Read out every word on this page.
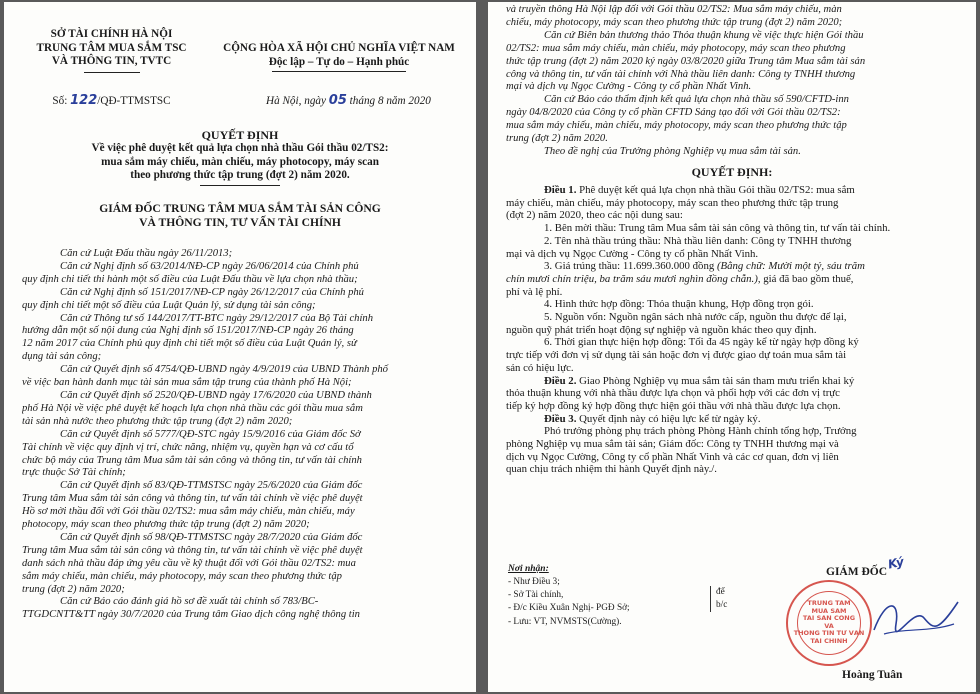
SỞ TÀI CHÍNH HÀ NỘI
TRUNG TÂM MUA SẮM TSC
VÀ THÔNG TIN, TVTC
Số: 122/QĐ-TTMSTSC
CỘNG HÒA XÃ HỘI CHỦ NGHĨA VIỆT NAM
Độc lập – Tự do – Hạnh phúc
Hà Nội, ngày 05 tháng 8 năm 2020
QUYẾT ĐỊNH
Về việc phê duyệt kết quả lựa chọn nhà thầu Gói thầu 02/TS2:
mua sắm máy chiếu, màn chiếu, máy photocopy, máy scan
theo phương thức tập trung (đợt 2) năm 2020.
GIÁM ĐỐC TRUNG TÂM MUA SẮM TÀI SẢN CÔNG
VÀ THÔNG TIN, TƯ VẤN TÀI CHÍNH
Căn cứ Luật Đấu thầu ngày 26/11/2013;
Căn cứ Nghị định số 63/2014/NĐ-CP ngày 26/06/2014 của Chính phủ
quy định chi tiết thi hành một số điều của Luật Đấu thầu về lựa chọn nhà thầu;
Căn cứ Nghị định số 151/2017/NĐ-CP ngày 26/12/2017 của Chính phủ
quy định chi tiết một số điều của Luật Quản lý, sử dụng tài sản công;
Căn cứ Thông tư số 144/2017/TT-BTC ngày 29/12/2017 của Bộ Tài chính
hướng dẫn một số nội dung của Nghị định số 151/2017/NĐ-CP ngày 26 tháng
12 năm 2017 của Chính phủ quy định chi tiết một số điều của Luật Quản lý, sử
dụng tài sản công;
Căn cứ Quyết định số 4754/QĐ-UBND ngày 4/9/2019 của UBND Thành phố
về việc ban hành danh mục tài sản mua sắm tập trung của thành phố Hà Nội;
Căn cứ Quyết định số 2520/QĐ-UBND ngày 17/6/2020 của UBND thành
phố Hà Nội về việc phê duyệt kế hoạch lựa chọn nhà thầu các gói thầu mua sắm
tài sản nhà nước theo phương thức tập trung (đợt 2) năm 2020;
Căn cứ Quyết định số 5777/QĐ-STC ngày 15/9/2016 của Giám đốc Sở
Tài chính về việc quy định vị trí, chức năng, nhiệm vụ, quyền hạn và cơ cấu tổ
chức bộ máy của Trung tâm Mua sắm tài sản công và thông tin, tư vấn tài chính
trực thuộc Sở Tài chính;
Căn cứ Quyết định số 83/QĐ-TTMSTSC ngày 25/6/2020 của Giám đốc
Trung tâm Mua sắm tài sản công và thông tin, tư vấn tài chính về việc phê duyệt
Hồ sơ mời thầu đối với Gói thầu 02/TS2: mua sắm máy chiếu, màn chiếu, máy
photocopy, máy scan theo phương thức tập trung (đợt 2) năm 2020;
Căn cứ Quyết định số 98/QĐ-TTMSTSC ngày 28/7/2020 của Giám đốc
Trung tâm Mua sắm tài sản công và thông tin, tư vấn tài chính về việc phê duyệt
danh sách nhà thầu đáp ứng yêu cầu về kỹ thuật đối với Gói thầu 02/TS2: mua
sắm máy chiếu, màn chiếu, máy photocopy, máy scan theo phương thức tập
trung (đợt 2) năm 2020;
Căn cứ Báo cáo đánh giá hồ sơ đề xuất tài chính số 783/BC-
TTGDCNTT&TT ngày 30/7/2020 của Trung tâm Giao dịch công nghệ thông tin
và truyền thông Hà Nội lập đối với Gói thầu 02/TS2: Mua sắm máy chiếu, màn
chiếu, máy photocopy, máy scan theo phương thức tập trung (đợt 2) năm 2020;
Căn cứ Biên bản thương thảo Thỏa thuận khung về việc thực hiện Gói thầu
02/TS2: mua sắm máy chiếu, màn chiếu, máy photocopy, máy scan theo phương
thức tập trung (đợt 2) năm 2020 ký ngày 03/8/2020 giữa Trung tâm Mua sắm tài sản
công và thông tin, tư vấn tài chính với Nhà thầu liên danh: Công ty TNHH thương
mại và dịch vụ Ngọc Cường - Công ty cổ phần Nhất Vinh.
Căn cứ Báo cáo thẩm định kết quả lựa chọn nhà thầu số 590/CFTD-inn
ngày 04/8/2020 của Công ty cổ phần CFTD Sáng tạo đối với Gói thầu 02/TS2:
mua sắm máy chiếu, màn chiếu, máy photocopy, máy scan theo phương thức tập
trung (đợt 2) năm 2020.
Theo đề nghị của Trưởng phòng Nghiệp vụ mua sắm tài sản.
QUYẾT ĐỊNH:
Điều 1. Phê duyệt kết quả lựa chọn nhà thầu Gói thầu 02/TS2: mua sắm
máy chiếu, màn chiếu, máy photocopy, máy scan theo phương thức tập trung
(đợt 2) năm 2020, theo các nội dung sau:
1. Bên mời thầu: Trung tâm Mua sắm tài sản công và thông tin, tư vấn tài chính.
2. Tên nhà thầu trúng thầu: Nhà thầu liên danh: Công ty TNHH thương
mại và dịch vụ Ngọc Cường - Công ty cổ phần Nhất Vinh.
3. Giá trúng thầu: 11.699.360.000 đồng (Bằng chữ: Mười một tỷ, sáu trăm
chín mươi chín triệu, ba trăm sáu mươi nghìn đồng chẵn.), giá đã bao gồm thuế,
phí và lệ phí.
4. Hình thức hợp đồng: Thỏa thuận khung, Hợp đồng trọn gói.
5. Nguồn vốn: Nguồn ngân sách nhà nước cấp, nguồn thu được để lại,
nguồn quỹ phát triển hoạt động sự nghiệp và nguồn khác theo quy định.
6. Thời gian thực hiện hợp đồng: Tối đa 45 ngày kể từ ngày hợp đồng ký
trực tiếp với đơn vị sử dụng tài sản hoặc đơn vị được giao dự toán mua sắm tài
sản có hiệu lực.
Điều 2. Giao Phòng Nghiệp vụ mua sắm tài sản tham mưu triển khai ký
thỏa thuận khung với nhà thầu được lựa chọn và phối hợp với các đơn vị trực
tiếp ký hợp đồng ký hợp đồng thực hiện gói thầu với nhà thầu được lựa chọn.
Điều 3. Quyết định này có hiệu lực kể từ ngày ký.
Phó trưởng phòng phụ trách phòng Phòng Hành chính tổng hợp, Trưởng
phòng Nghiệp vụ mua sắm tài sản; Giám đốc: Công ty TNHH thương mại và
dịch vụ Ngọc Cường, Công ty cổ phần Nhất Vinh và các cơ quan, đơn vị liên
quan chịu trách nhiệm thi hành Quyết định này./.
Nơi nhận:
- Như Điều 3;
- Sở Tài chính,
- Đ/c Kiều Xuân Nghị- PGĐ Sở;
- Lưu: VT, NVMSTS(Cường).
để
b/c
GIÁM ĐỐC
Ký
TRUNG TÂM
MUA SẮM
TÀI SẢN CÔNG
VÀ
THÔNG TIN TƯ VẤN
TÀI CHÍNH
Hoàng Tuân
